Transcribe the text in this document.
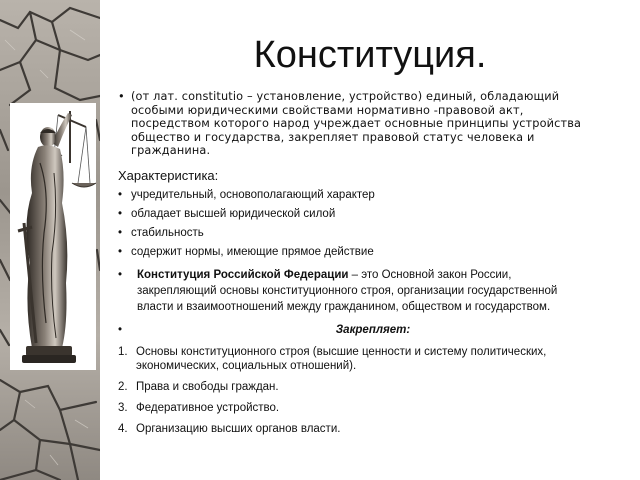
Конституция.

• (от лат. constitutio – установление, устройство) единый, обладающий особыми юридическими свойствами нормативно -правовой акт, посредством которого народ учреждает основные принципы устройства общество и государства, закрепляет правовой статус человека и гражданина.

Характеристика:
• учредительный, основополагающий характер
• обладает высшей юридической силой
• стабильность
• содержит нормы, имеющие прямое действие
• Конституция Российской Федерации – это Основной закон России, закрепляющий основы конституционного строя, организации государственной власти и взаимоотношений между гражданином, обществом и государством.
•	Закрепляет:
1. Основы конституционного строя (высшие ценности и систему политических, экономических, социальных отношений).
2. Права и свободы граждан.
3. Федеративное устройство.
4. Организацию высших органов власти.
